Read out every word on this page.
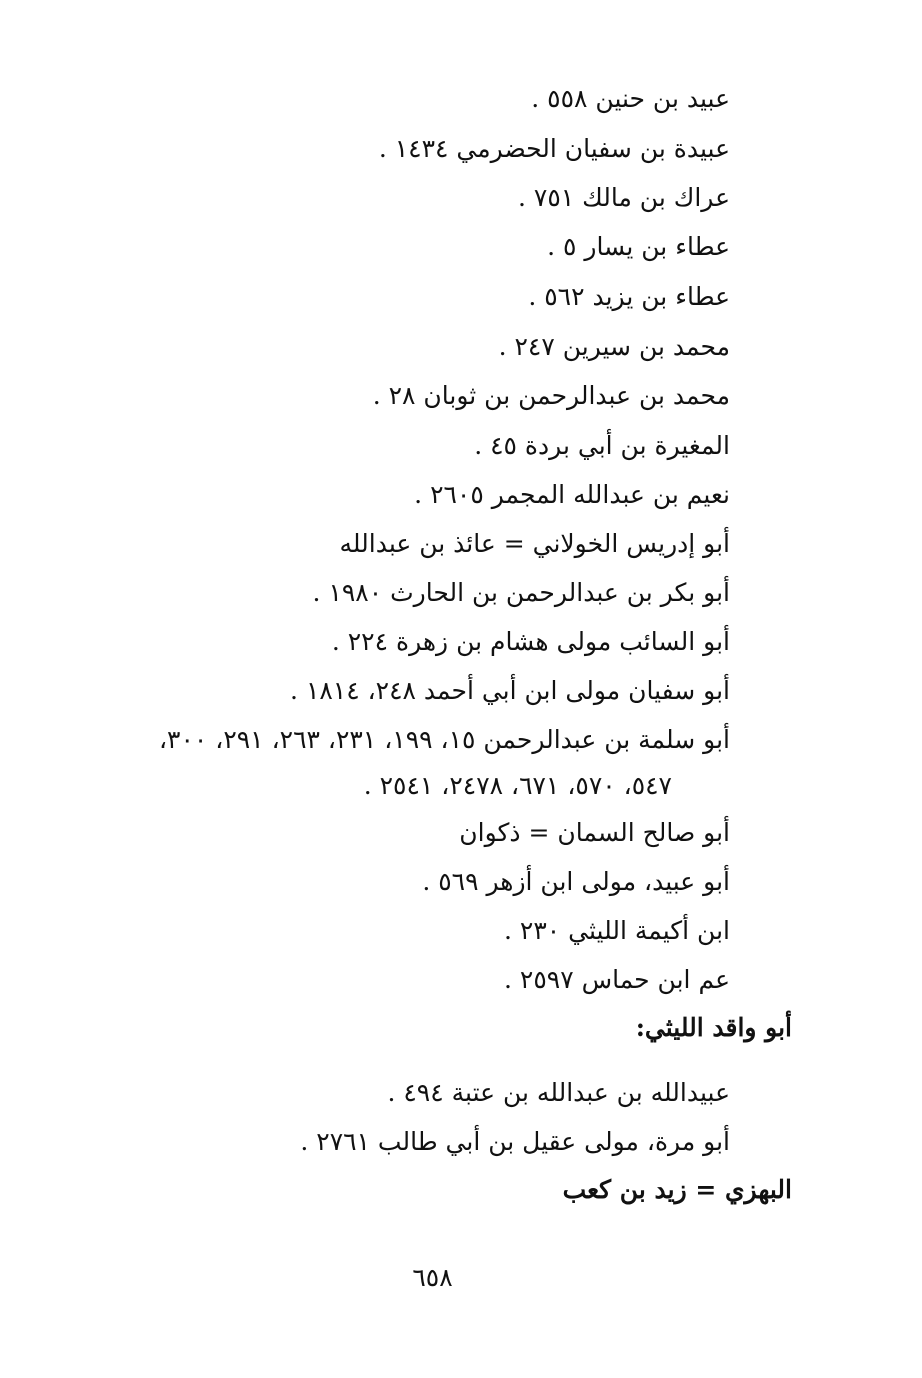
عبيد بن حنين ٥٥٨ .
عبيدة بن سفيان الحضرمي ١٤٣٤ .
عراك بن مالك ٧٥١ .
عطاء بن يسار ٥ .
عطاء بن يزيد ٥٦٢ .
محمد بن سيرين ٢٤٧ .
محمد بن عبدالرحمن بن ثوبان ٢٨ .
المغيرة بن أبي بردة ٤٥ .
نعيم بن عبدالله المجمر ٢٦٠٥ .
أبو إدريس الخولاني = عائذ بن عبدالله
أبو بكر بن عبدالرحمن بن الحارث ١٩٨٠ .
أبو السائب مولى هشام بن زهرة ٢٢٤ .
أبو سفيان مولى ابن أبي أحمد ٢٤٨، ١٨١٤ .
أبو سلمة بن عبدالرحمن ١٥، ١٩٩، ٢٣١، ٢٦٣، ٢٩١، ٣٠٠،
٥٤٧، ٥٧٠، ٦٧١، ٢٤٧٨، ٢٥٤١ .
أبو صالح السمان = ذكوان
أبو عبيد، مولى ابن أزهر ٥٦٩ .
ابن أكيمة الليثي ٢٣٠ .
عم ابن حماس ٢٥٩٧ .
أبو واقد الليثي:
عبيدالله بن عبدالله بن عتبة ٤٩٤ .
أبو مرة، مولى عقيل بن أبي طالب ٢٧٦١ .
البهزي = زيد بن كعب
٦٥٨
